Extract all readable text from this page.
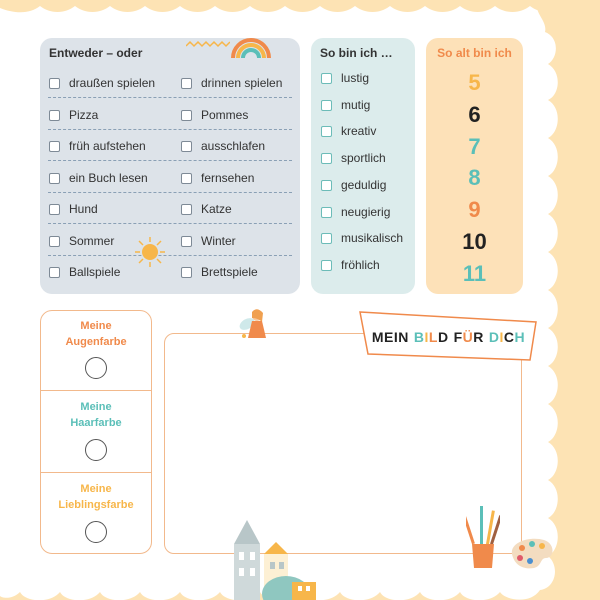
Entweder – oder
draußen spielen	drinnen spielen
Pizza	Pommes
früh aufstehen	ausschlafen
ein Buch lesen	fernsehen
Hund	Katze
Sommer	Winter
Ballspiele	Brettspiele
So bin ich …
lustig
mutig
kreativ
sportlich
geduldig
neugierig
musikalisch
fröhlich
So alt bin ich
5
6
7
8
9
10
11
Meine
Augenfarbe
Meine
Haarfarbe
Meine
Lieblingsfarbe
MEIN BILD FÜR DICH
